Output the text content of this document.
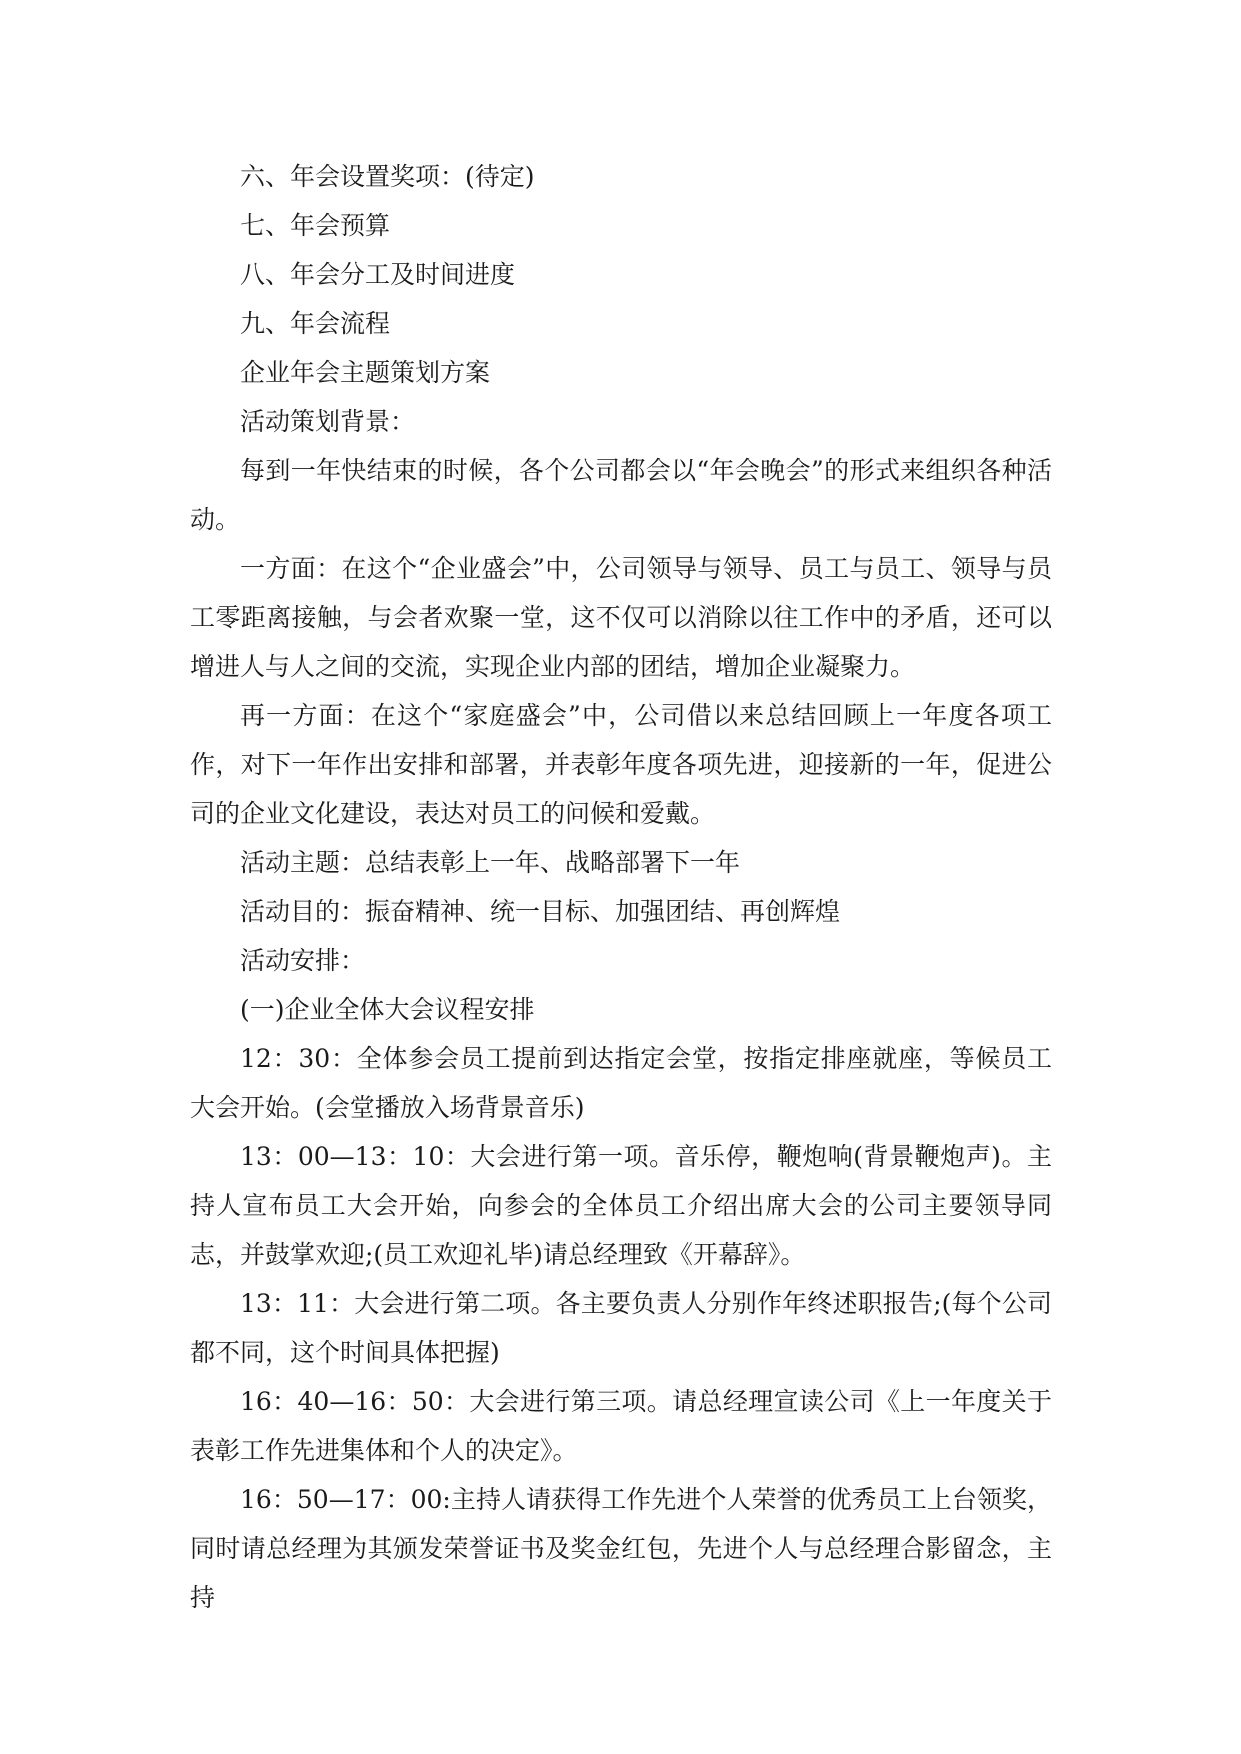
六、年会设置奖项：(待定)

七、年会预算

八、年会分工及时间进度

九、年会流程

企业年会主题策划方案

活动策划背景：

每到一年快结束的时候，各个公司都会以“年会晚会”的形式来组织各种活动。

一方面：在这个“企业盛会”中，公司领导与领导、员工与员工、领导与员工零距离接触，与会者欢聚一堂，这不仅可以消除以往工作中的矛盾，还可以增进人与人之间的交流，实现企业内部的团结，增加企业凝聚力。

再一方面：在这个“家庭盛会”中，公司借以来总结回顾上一年度各项工作，对下一年作出安排和部署，并表彰年度各项先进，迎接新的一年，促进公司的企业文化建设，表达对员工的问候和爱戴。

活动主题：总结表彰上一年、战略部署下一年

活动目的：振奋精神、统一目标、加强团结、再创辉煌

活动安排：

(一)企业全体大会议程安排

12：30：全体参会员工提前到达指定会堂，按指定排座就座，等候员工大会开始。(会堂播放入场背景音乐)

13：00—13：10：大会进行第一项。音乐停，鞭炮响(背景鞭炮声)。主持人宣布员工大会开始，向参会的全体员工介绍出席大会的公司主要领导同志，并鼓掌欢迎;(员工欢迎礼毕)请总经理致《开幕辞》。

13：11：大会进行第二项。各主要负责人分别作年终述职报告;(每个公司都不同，这个时间具体把握)

16：40—16：50：大会进行第三项。请总经理宣读公司《上一年度关于表彰工作先进集体和个人的决定》。

16：50—17：00:主持人请获得工作先进个人荣誉的优秀员工上台领奖，同时请总经理为其颁发荣誉证书及奖金红包，先进个人与总经理合影留念，主持
